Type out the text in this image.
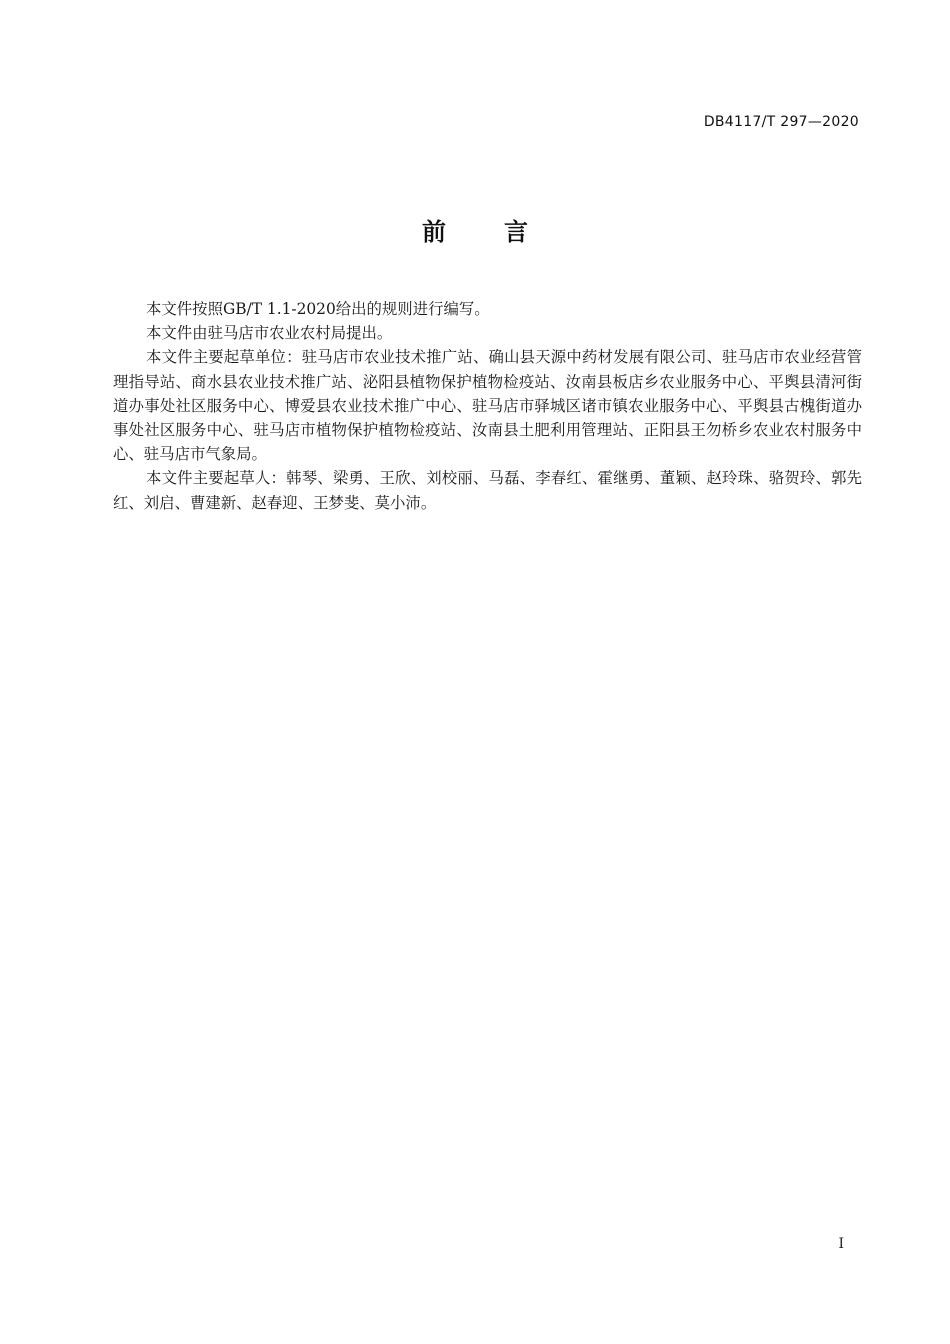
DB4117/T 297—2020
前言

本文件按照GB/T 1.1-2020给出的规则进行编写。

本文件由驻马店市农业农村局提出。

本文件主要起草单位：驻马店市农业技术推广站、确山县天源中药材发展有限公司、驻马店市农业经营管理指导站、商水县农业技术推广站、泌阳县植物保护植物检疫站、汝南县板店乡农业服务中心、平舆县清河街道办事处社区服务中心、博爱县农业技术推广中心、驻马店市驿城区诸市镇农业服务中心、平舆县古槐街道办事处社区服务中心、驻马店市植物保护植物检疫站、汝南县土肥利用管理站、正阳县王勿桥乡农业农村服务中心、驻马店市气象局。

本文件主要起草人：韩琴、梁勇、王欣、刘校丽、马磊、李春红、霍继勇、董颖、赵玲珠、骆贺玲、郭先红、刘启、曹建新、赵春迎、王梦斐、莫小沛。

I
